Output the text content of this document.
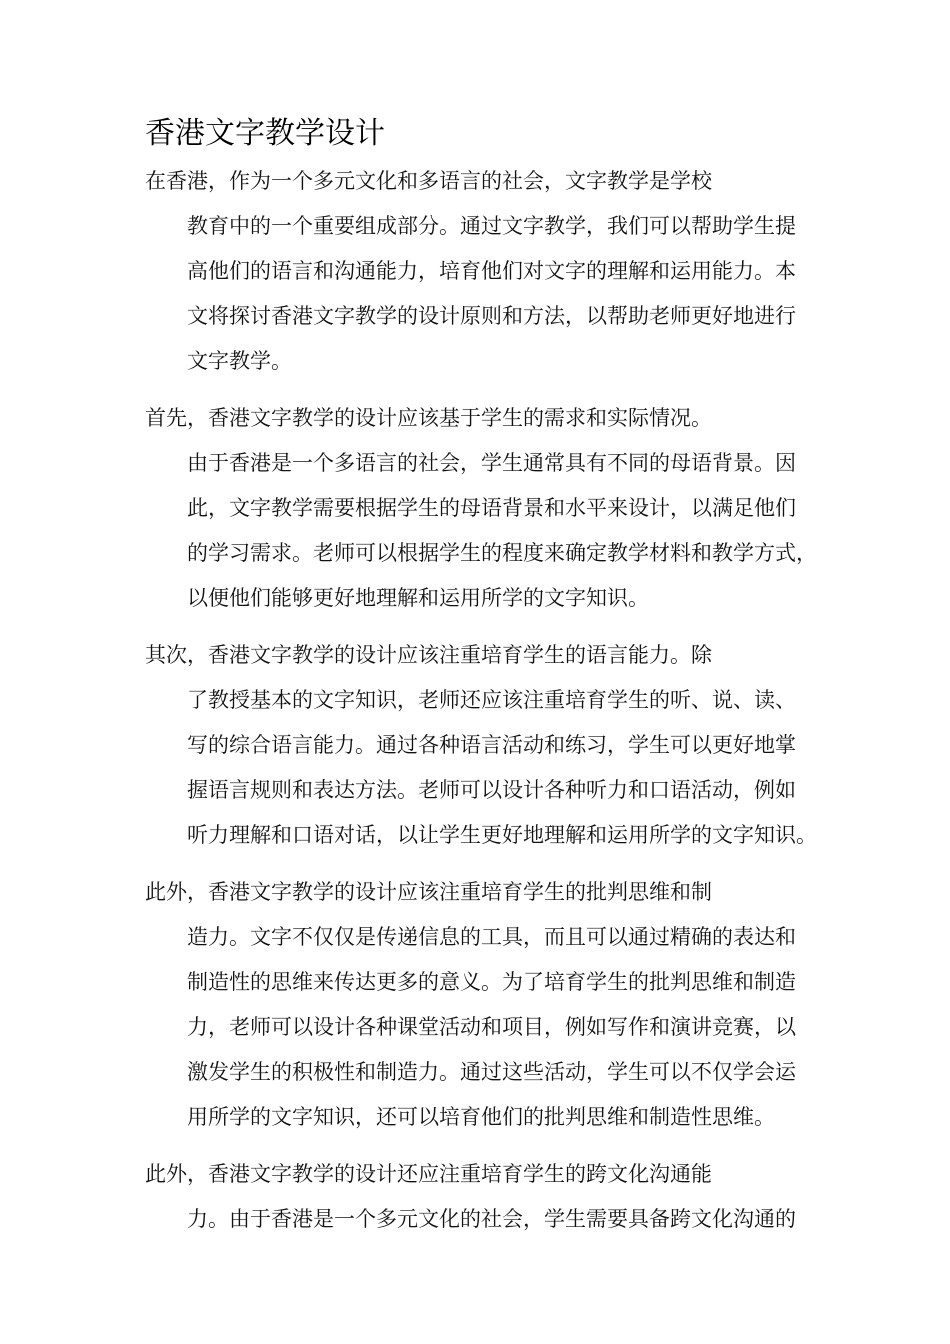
香港文字教学设计

在香港，作为一个多元文化和多语言的社会，文字教学是学校
教育中的一个重要组成部分。通过文字教学，我们可以帮助学生提
高他们的语言和沟通能力，培育他们对文字的理解和运用能力。本
文将探讨香港文字教学的设计原则和方法，以帮助老师更好地进行
文字教学。

首先，香港文字教学的设计应该基于学生的需求和实际情况。
由于香港是一个多语言的社会，学生通常具有不同的母语背景。因
此，文字教学需要根据学生的母语背景和水平来设计，以满足他们
的学习需求。老师可以根据学生的程度来确定教学材料和教学方式，
以便他们能够更好地理解和运用所学的文字知识。

其次，香港文字教学的设计应该注重培育学生的语言能力。除
了教授基本的文字知识，老师还应该注重培育学生的听、说、读、
写的综合语言能力。通过各种语言活动和练习，学生可以更好地掌
握语言规则和表达方法。老师可以设计各种听力和口语活动，例如
听力理解和口语对话，以让学生更好地理解和运用所学的文字知识。

此外，香港文字教学的设计应该注重培育学生的批判思维和制
造力。文字不仅仅是传递信息的工具，而且可以通过精确的表达和
制造性的思维来传达更多的意义。为了培育学生的批判思维和制造
力，老师可以设计各种课堂活动和项目，例如写作和演讲竞赛，以
激发学生的积极性和制造力。通过这些活动，学生可以不仅学会运
用所学的文字知识，还可以培育他们的批判思维和制造性思维。

此外，香港文字教学的设计还应注重培育学生的跨文化沟通能
力。由于香港是一个多元文化的社会，学生需要具备跨文化沟通的
